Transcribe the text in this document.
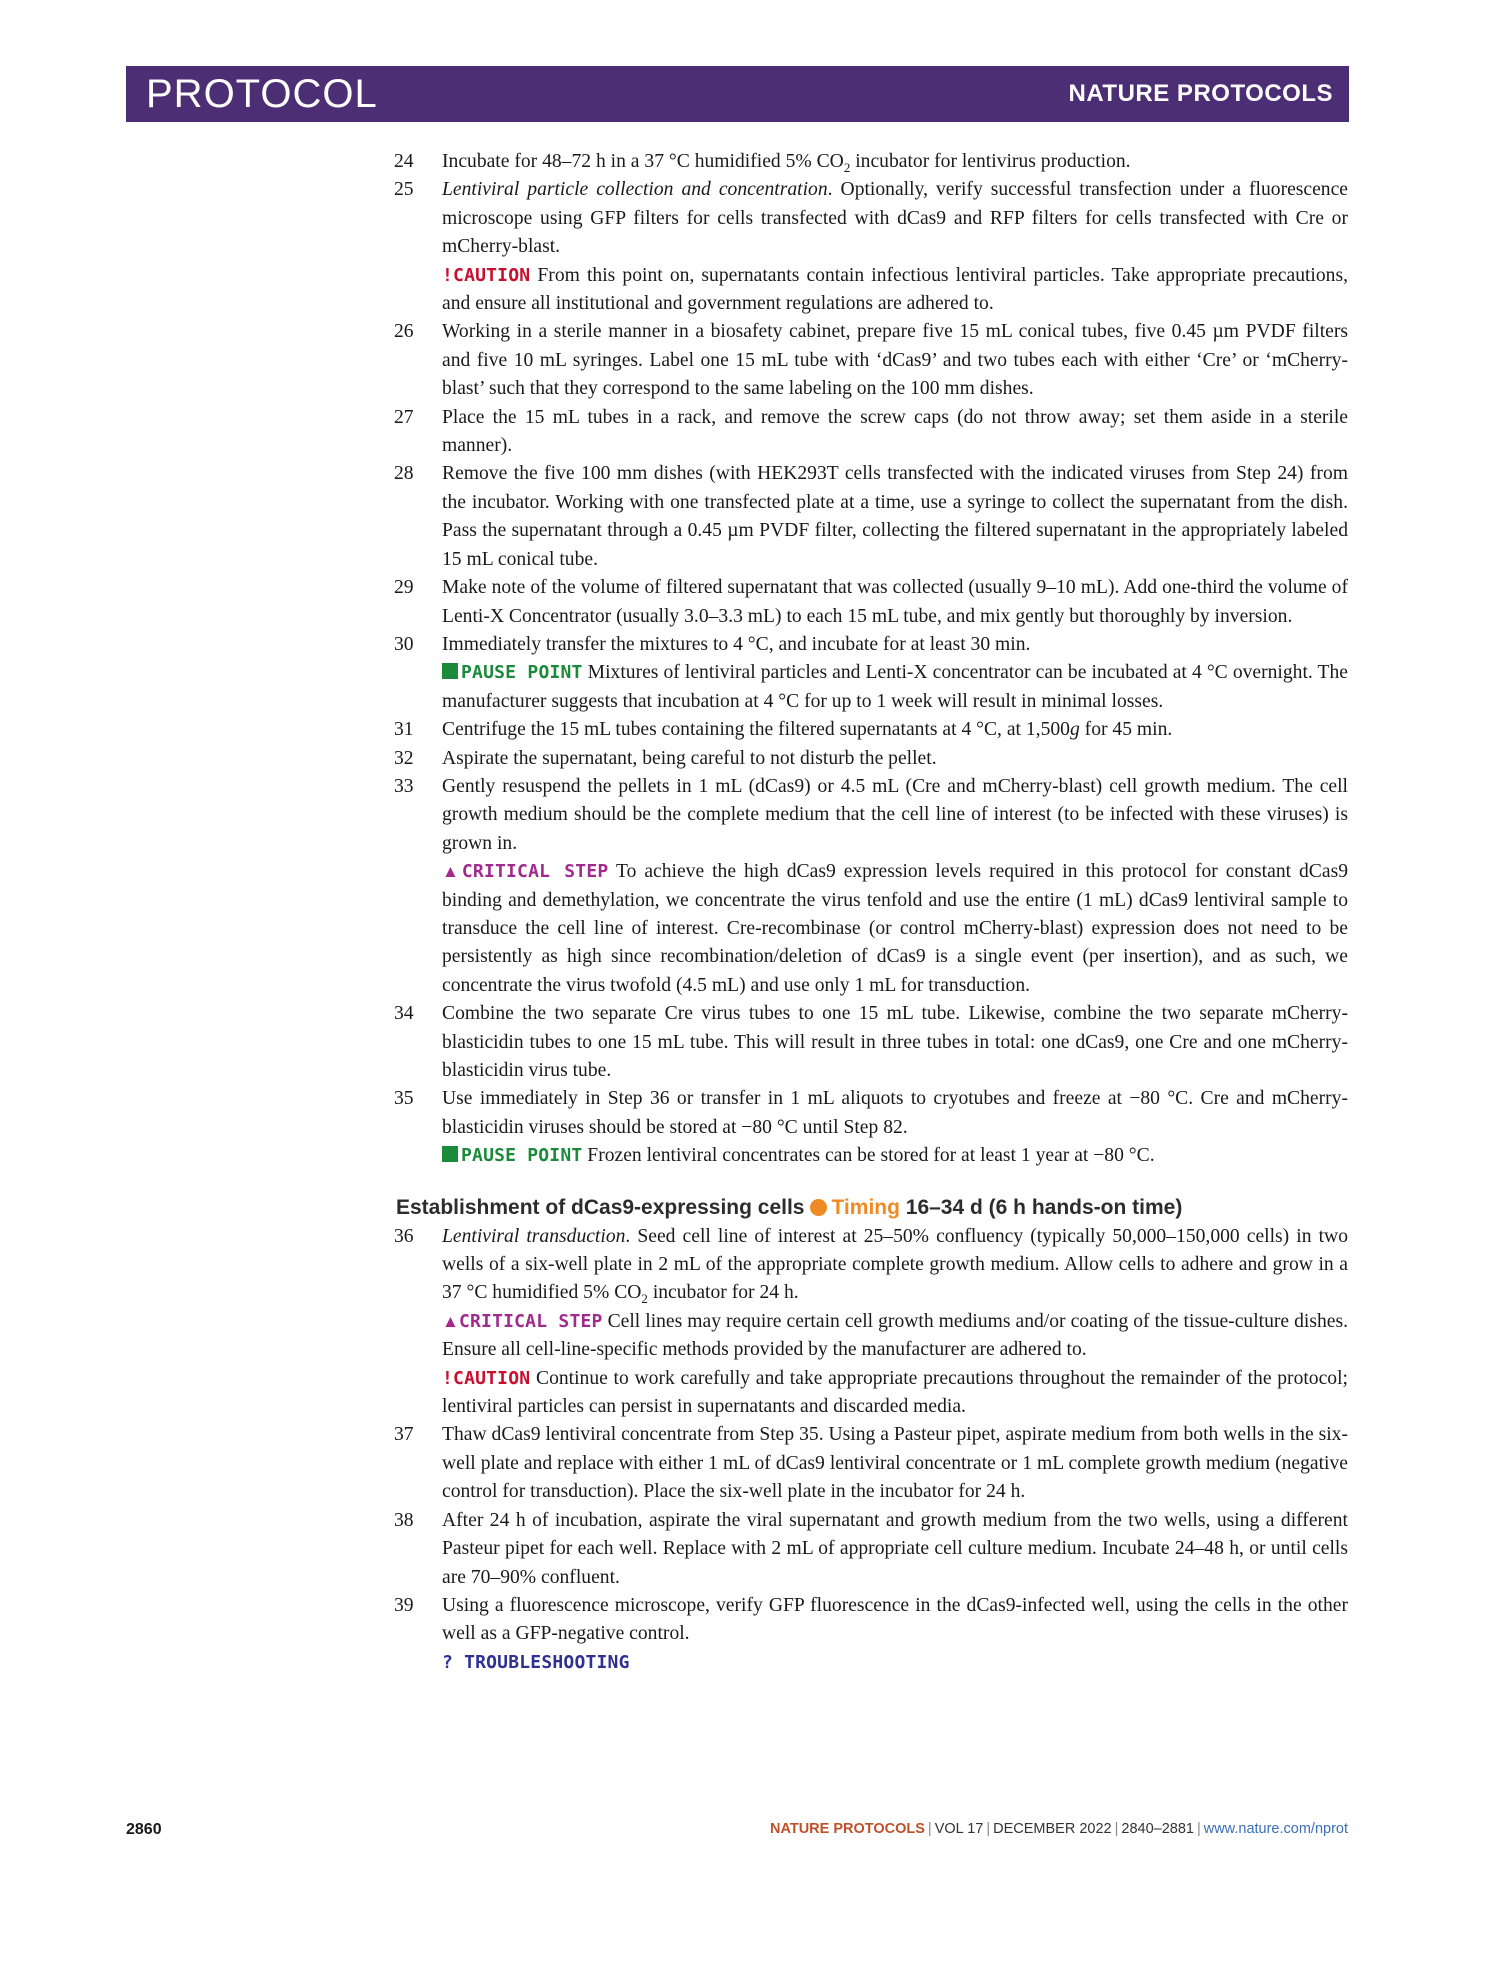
PROTOCOL	NATURE PROTOCOLS
24 Incubate for 48–72 h in a 37 °C humidified 5% $CO_2$ incubator for lentivirus production.
25 Lentiviral particle collection and concentration. Optionally, verify successful transfection under a fluorescence microscope using GFP filters for cells transfected with dCas9 and RFP filters for cells transfected with Cre or mCherry-blast.
!CAUTION From this point on, supernatants contain infectious lentiviral particles. Take appropriate precautions, and ensure all institutional and government regulations are adhered to.
26 Working in a sterile manner in a biosafety cabinet, prepare five 15 mL conical tubes, five 0.45 µm PVDF filters and five 10 mL syringes. Label one 15 mL tube with ‘dCas9’ and two tubes each with either ‘Cre’ or ‘mCherry-blast’ such that they correspond to the same labeling on the 100 mm dishes.
27 Place the 15 mL tubes in a rack, and remove the screw caps (do not throw away; set them aside in a sterile manner).
28 Remove the five 100 mm dishes (with HEK293T cells transfected with the indicated viruses from Step 24) from the incubator. Working with one transfected plate at a time, use a syringe to collect the supernatant from the dish. Pass the supernatant through a 0.45 µm PVDF filter, collecting the filtered supernatant in the appropriately labeled 15 mL conical tube.
29 Make note of the volume of filtered supernatant that was collected (usually 9–10 mL). Add one-third the volume of Lenti-X Concentrator (usually 3.0–3.3 mL) to each 15 mL tube, and mix gently but thoroughly by inversion.
30 Immediately transfer the mixtures to 4 °C, and incubate for at least 30 min.
PAUSE POINT Mixtures of lentiviral particles and Lenti-X concentrator can be incubated at 4 °C overnight. The manufacturer suggests that incubation at 4 °C for up to 1 week will result in minimal losses.
31 Centrifuge the 15 mL tubes containing the filtered supernatants at 4 °C, at 1,500g for 45 min.
32 Aspirate the supernatant, being careful to not disturb the pellet.
33 Gently resuspend the pellets in 1 mL (dCas9) or 4.5 mL (Cre and mCherry-blast) cell growth medium. The cell growth medium should be the complete medium that the cell line of interest (to be infected with these viruses) is grown in.
▲CRITICAL STEP To achieve the high dCas9 expression levels required in this protocol for constant dCas9 binding and demethylation, we concentrate the virus tenfold and use the entire (1 mL) dCas9 lentiviral sample to transduce the cell line of interest. Cre-recombinase (or control mCherry-blast) expression does not need to be persistently as high since recombination/deletion of dCas9 is a single event (per insertion), and as such, we concentrate the virus twofold (4.5 mL) and use only 1 mL for transduction.
34 Combine the two separate Cre virus tubes to one 15 mL tube. Likewise, combine the two separate mCherry-blasticidin tubes to one 15 mL tube. This will result in three tubes in total: one dCas9, one Cre and one mCherry-blasticidin virus tube.
35 Use immediately in Step 36 or transfer in 1 mL aliquots to cryotubes and freeze at −80 °C. Cre and mCherry-blasticidin viruses should be stored at −80 °C until Step 82.
PAUSE POINT Frozen lentiviral concentrates can be stored for at least 1 year at −80 °C.
Establishment of dCas9-expressing cells Timing 16–34 d (6 h hands-on time)
36 Lentiviral transduction. Seed cell line of interest at 25–50% confluency (typically 50,000–150,000 cells) in two wells of a six-well plate in 2 mL of the appropriate complete growth medium. Allow cells to adhere and grow in a 37 °C humidified 5% $CO_2$ incubator for 24 h.
▲CRITICAL STEP Cell lines may require certain cell growth mediums and/or coating of the tissue-culture dishes. Ensure all cell-line-specific methods provided by the manufacturer are adhered to.
!CAUTION Continue to work carefully and take appropriate precautions throughout the remainder of the protocol; lentiviral particles can persist in supernatants and discarded media.
37 Thaw dCas9 lentiviral concentrate from Step 35. Using a Pasteur pipet, aspirate medium from both wells in the six-well plate and replace with either 1 mL of dCas9 lentiviral concentrate or 1 mL complete growth medium (negative control for transduction). Place the six-well plate in the incubator for 24 h.
38 After 24 h of incubation, aspirate the viral supernatant and growth medium from the two wells, using a different Pasteur pipet for each well. Replace with 2 mL of appropriate cell culture medium. Incubate 24–48 h, or until cells are 70–90% confluent.
39 Using a fluorescence microscope, verify GFP fluorescence in the dCas9-infected well, using the cells in the other well as a GFP-negative control.
? TROUBLESHOOTING
2860	NATURE PROTOCOLS | VOL 17 | DECEMBER 2022 | 2840–2881 | www.nature.com/nprot
